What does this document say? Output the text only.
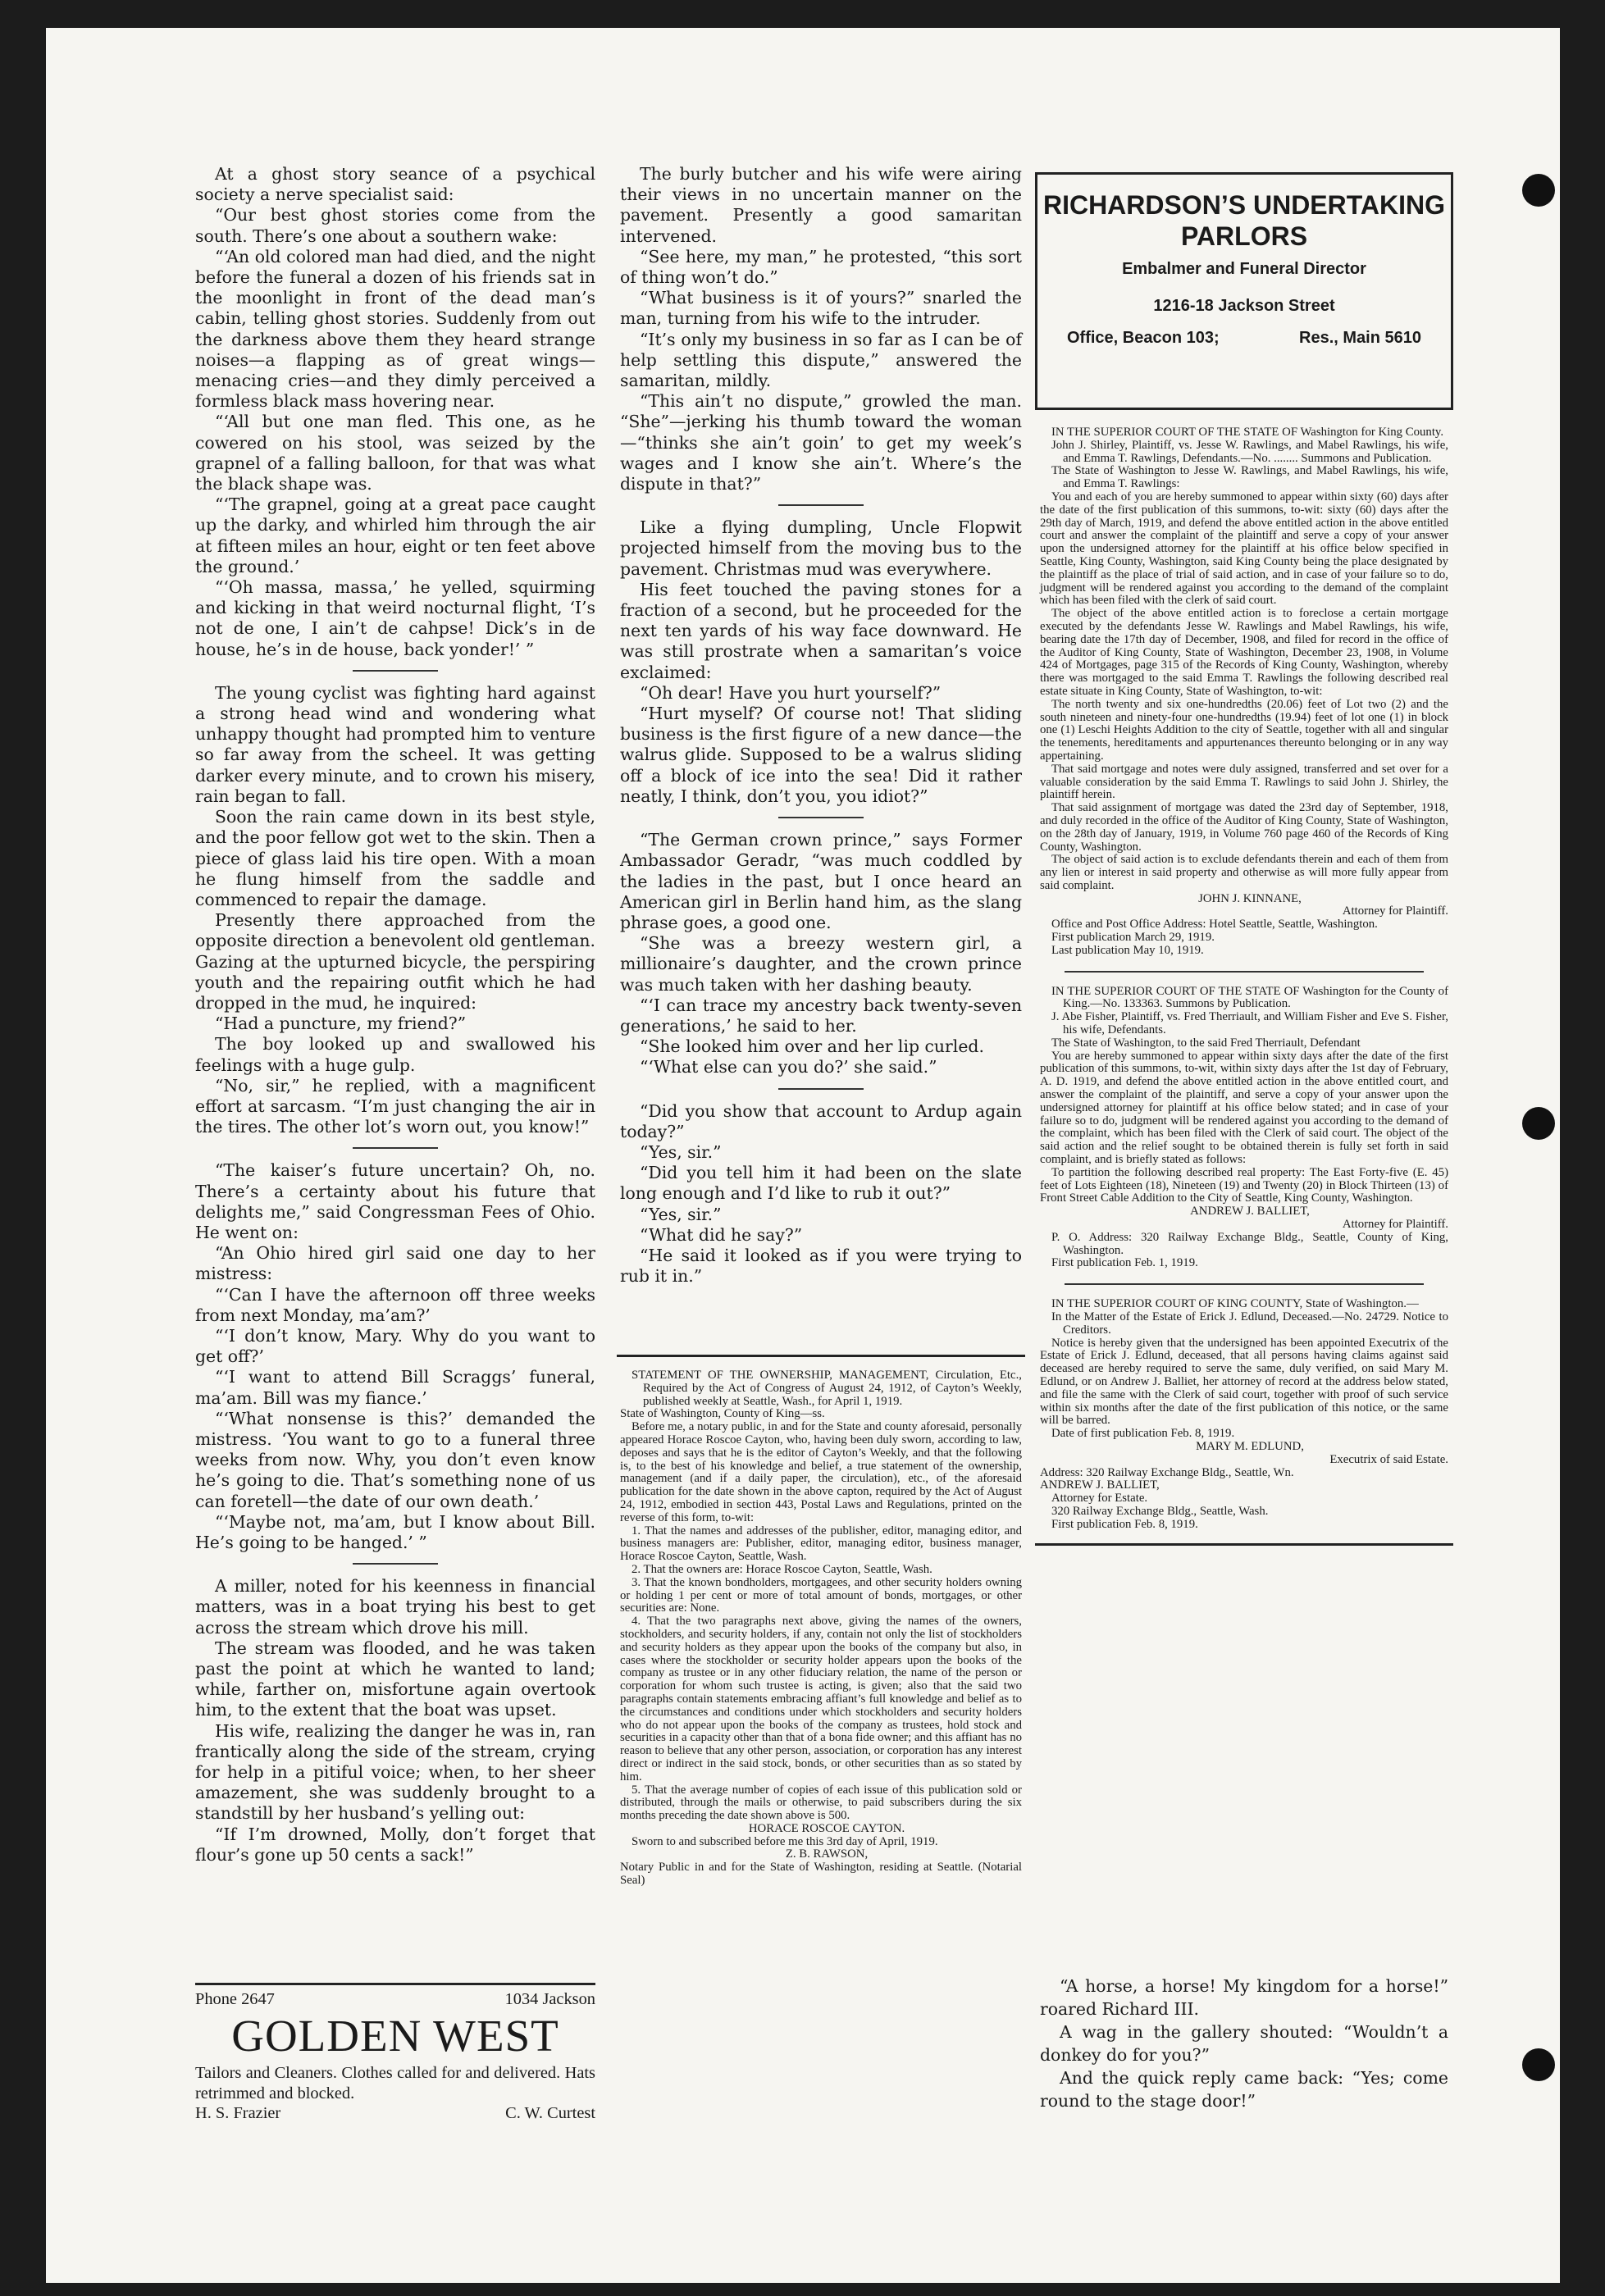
At a ghost story seance of a psychical society a nerve specialist said:

“Our best ghost stories come from the south. There’s one about a southern wake:

“‘An old colored man had died, and the night before the funeral a dozen of his friends sat in the moonlight in front of the dead man’s cabin, telling ghost stories. Suddenly from out the darkness above them they heard strange noises—a flapping as of great wings—menacing cries—and they dimly perceived a formless black mass hovering near.

“‘All but one man fled. This one, as he cowered on his stool, was seized by the grapnel of a falling balloon, for that was what the black shape was.

“‘The grapnel, going at a great pace caught up the darky, and whirled him through the air at fifteen miles an hour, eight or ten feet above the ground.’

“‘Oh massa, massa,’ he yelled, squirming and kicking in that weird nocturnal flight, ‘I’s not de one, I ain’t de cahpse! Dick’s in de house, he’s in de house, back yonder!’ ”

The young cyclist was fighting hard against a strong head wind and wondering what unhappy thought had prompted him to venture so far away from the scheel. It was getting darker every minute, and to crown his misery, rain began to fall.

Soon the rain came down in its best style, and the poor fellow got wet to the skin. Then a piece of glass laid his tire open. With a moan he flung himself from the saddle and commenced to repair the damage.

Presently there approached from the opposite direction a benevolent old gentleman. Gazing at the upturned bicycle, the perspiring youth and the repairing outfit which he had dropped in the mud, he inquired:

“Had a puncture, my friend?”

The boy looked up and swallowed his feelings with a huge gulp.

“No, sir,” he replied, with a magnificent effort at sarcasm. “I’m just changing the air in the tires. The other lot’s worn out, you know!”

“The kaiser’s future uncertain? Oh, no. There’s a certainty about his future that delights me,” said Congressman Fees of Ohio. He went on:

“An Ohio hired girl said one day to her mistress:

“‘Can I have the afternoon off three weeks from next Monday, ma’am?’

“‘I don’t know, Mary. Why do you want to get off?’

“‘I want to attend Bill Scraggs’ funeral, ma’am. Bill was my fiance.’

“‘What nonsense is this?’ demanded the mistress. ‘You want to go to a funeral three weeks from now. Why, you don’t even know he’s going to die. That’s something none of us can foretell—the date of our own death.’

“‘Maybe not, ma’am, but I know about Bill. He’s going to be hanged.’ ”

A miller, noted for his keenness in financial matters, was in a boat trying his best to get across the stream which drove his mill.

The stream was flooded, and he was taken past the point at which he wanted to land; while, farther on, misfortune again overtook him, to the extent that the boat was upset.

His wife, realizing the danger he was in, ran frantically along the side of the stream, crying for help in a pitiful voice; when, to her sheer amazement, she was suddenly brought to a standstill by her husband’s yelling out:

“If I’m drowned, Molly, don’t forget that flour’s gone up 50 cents a sack!”

Phone 2647	1034 Jackson
GOLDEN WEST
Tailors and Cleaners. Clothes called for and delivered. Hats retrimmed and blocked.
H. S. Frazier	C. W. Curtest

The burly butcher and his wife were airing their views in no uncertain manner on the pavement. Presently a good samaritan intervened.

“See here, my man,” he protested, “this sort of thing won’t do.”

“What business is it of yours?” snarled the man, turning from his wife to the intruder.

“It’s only my business in so far as I can be of help settling this dispute,” answered the samaritan, mildly.

“This ain’t no dispute,” growled the man. “She”—jerking his thumb toward the woman—“thinks she ain’t goin’ to get my week’s wages and I know she ain’t. Where’s the dispute in that?”

Like a flying dumpling, Uncle Flopwit projected himself from the moving bus to the pavement. Christmas mud was everywhere.

His feet touched the paving stones for a fraction of a second, but he proceeded for the next ten yards of his way face downward. He was still prostrate when a samaritan’s voice exclaimed:

“Oh dear! Have you hurt yourself?”

“Hurt myself? Of course not! That sliding business is the first figure of a new dance—the walrus glide. Supposed to be a walrus sliding off a block of ice into the sea! Did it rather neatly, I think, don’t you, you idiot?”

“The German crown prince,” says Former Ambassador Geradr, “was much coddled by the ladies in the past, but I once heard an American girl in Berlin hand him, as the slang phrase goes, a good one.

“She was a breezy western girl, a millionaire’s daughter, and the crown prince was much taken with her dashing beauty.

“‘I can trace my ancestry back twenty-seven generations,’ he said to her.

“She looked him over and her lip curled.

“‘What else can you do?’ she said.”

“Did you show that account to Ardup again today?”

“Yes, sir.”

“Did you tell him it had been on the slate long enough and I’d like to rub it out?”

“Yes, sir.”

“What did he say?”

“He said it looked as if you were trying to rub it in.”

STATEMENT OF THE OWNERSHIP, MANAGEMENT, Circulation, Etc., Required by the Act of Congress of August 24, 1912, of Cayton’s Weekly, published weekly at Seattle, Wash., for April 1, 1919.

State of Washington, County of King—ss.

Before me, a notary public, in and for the State and county aforesaid, personally appeared Horace Roscoe Cayton, who, having been duly sworn, according to law, deposes and says that he is the editor of Cayton’s Weekly, and that the following is, to the best of his knowledge and belief, a true statement of the ownership, management (and if a daily paper, the circulation), etc., of the aforesaid publication for the date shown in the above capton, required by the Act of August 24, 1912, embodied in section 443, Postal Laws and Regulations, printed on the reverse of this form, to-wit:

1. That the names and addresses of the publisher, editor, managing editor, and business managers are: Publisher, editor, managing editor, business manager, Horace Roscoe Cayton, Seattle, Wash.

2. That the owners are: Horace Roscoe Cayton, Seattle, Wash.

3. That the known bondholders, mortgagees, and other security holders owning or holding 1 per cent or more of total amount of bonds, mortgages, or other securities are: None.

4. That the two paragraphs next above, giving the names of the owners, stockholders, and security holders, if any, contain not only the list of stockholders and security holders as they appear upon the books of the company but also, in cases where the stockholder or security holder appears upon the books of the company as trustee or in any other fiduciary relation, the name of the person or corporation for whom such trustee is acting, is given; also that the said two paragraphs contain statements embracing affiant’s full knowledge and belief as to the circumstances and conditions under which stockholders and security holders who do not appear upon the books of the company as trustees, hold stock and securities in a capacity other than that of a bona fide owner; and this affiant has no reason to believe that any other person, association, or corporation has any interest direct or indirect in the said stock, bonds, or other securities than as so stated by him.

5. That the average number of copies of each issue of this publication sold or distributed, through the mails or otherwise, to paid subscribers during the six months preceding the date shown above is 500.

HORACE ROSCOE CAYTON.

Sworn to and subscribed before me this 3rd day of April, 1919.

Z. B. RAWSON,

Notary Public in and for the State of Washington, residing at Seattle. (Notarial Seal)

RICHARDSON’S UNDERTAKING PARLORS
Embalmer and Funeral Director
1216-18 Jackson Street
Office, Beacon 103;	Res., Main 5610

IN THE SUPERIOR COURT OF THE STATE OF Washington for King County.

John J. Shirley, Plaintiff, vs. Jesse W. Rawlings, and Mabel Rawlings, his wife, and Emma T. Rawlings, Defendants.—No. ........ Summons and Publication.

The State of Washington to Jesse W. Rawlings, and Mabel Rawlings, his wife, and Emma T. Rawlings:

You and each of you are hereby summoned to appear within sixty (60) days after the date of the first publication of this summons, to-wit: sixty (60) days after the 29th day of March, 1919, and defend the above entitled action in the above entitled court and answer the complaint of the plaintiff and serve a copy of your answer upon the undersigned attorney for the plaintiff at his office below specified in Seattle, King County, Washington, said King County being the place designated by the plaintiff as the place of trial of said action, and in case of your failure so to do, judgment will be rendered against you according to the demand of the complaint which has been filed with the clerk of said court.

The object of the above entitled action is to foreclose a certain mortgage executed by the defendants Jesse W. Rawlings and Mabel Rawlings, his wife, bearing date the 17th day of December, 1908, and filed for record in the office of the Auditor of King County, State of Washington, December 23, 1908, in Volume 424 of Mortgages, page 315 of the Records of King County, Washington, whereby there was mortgaged to the said Emma T. Rawlings the following described real estate situate in King County, State of Washington, to-wit:

The north twenty and six one-hundredths (20.06) feet of Lot two (2) and the south nineteen and ninety-four one-hundredths (19.94) feet of lot one (1) in block one (1) Leschi Heights Addition to the city of Seattle, together with all and singular the tenements, hereditaments and appurtenances thereunto belonging or in any way appertaining.

That said mortgage and notes were duly assigned, transferred and set over for a valuable consideration by the said Emma T. Rawlings to said John J. Shirley, the plaintiff herein.

That said assignment of mortgage was dated the 23rd day of September, 1918, and duly recorded in the office of the Auditor of King County, State of Washington, on the 28th day of January, 1919, in Volume 760 page 460 of the Records of King County, Washington.

The object of said action is to exclude defendants therein and each of them from any lien or interest in said property and otherwise as will more fully appear from said complaint.

JOHN J. KINNANE,

Attorney for Plaintiff.

Office and Post Office Address: Hotel Seattle, Seattle, Washington.

First publication March 29, 1919.

Last publication May 10, 1919.

IN THE SUPERIOR COURT OF THE STATE OF Washington for the County of King.—No. 133363. Summons by Publication.

J. Abe Fisher, Plaintiff, vs. Fred Therriault, and William Fisher and Eve S. Fisher, his wife, Defendants.

The State of Washington, to the said Fred Therriault, Defendant

You are hereby summoned to appear within sixty days after the date of the first publication of this summons, to-wit, within sixty days after the 1st day of February, A. D. 1919, and defend the above entitled action in the above entitled court, and answer the complaint of the plaintiff, and serve a copy of your answer upon the undersigned attorney for plaintiff at his office below stated; and in case of your failure so to do, judgment will be rendered against you according to the demand of the complaint, which has been filed with the Clerk of said court. The object of the said action and the relief sought to be obtained therein is fully set forth in said complaint, and is briefly stated as follows:

To partition the following described real property: The East Forty-five (E. 45) feet of Lots Eighteen (18), Nineteen (19) and Twenty (20) in Block Thirteen (13) of Front Street Cable Addition to the City of Seattle, King County, Washington.

ANDREW J. BALLIET,

Attorney for Plaintiff.

P. O. Address: 320 Railway Exchange Bldg., Seattle, County of King, Washington.

First publication Feb. 1, 1919.

IN THE SUPERIOR COURT OF KING COUNTY, State of Washington.—

In the Matter of the Estate of Erick J. Edlund, Deceased.—No. 24729. Notice to Creditors.

Notice is hereby given that the undersigned has been appointed Executrix of the Estate of Erick J. Edlund, deceased, that all persons having claims against said deceased are hereby required to serve the same, duly verified, on said Mary M. Edlund, or on Andrew J. Balliet, her attorney of record at the address below stated, and file the same with the Clerk of said court, together with proof of such service within six months after the date of the first publication of this notice, or the same will be barred.

Date of first publication Feb. 8, 1919.

MARY M. EDLUND,

Executrix of said Estate.

Address: 320 Railway Exchange Bldg., Seattle, Wn.

ANDREW J. BALLIET,

Attorney for Estate.

320 Railway Exchange Bldg., Seattle, Wash.

First publication Feb. 8, 1919.

“A horse, a horse! My kingdom for a horse!” roared Richard III.

A wag in the gallery shouted: “Wouldn’t a donkey do for you?”

And the quick reply came back: “Yes; come round to the stage door!”
